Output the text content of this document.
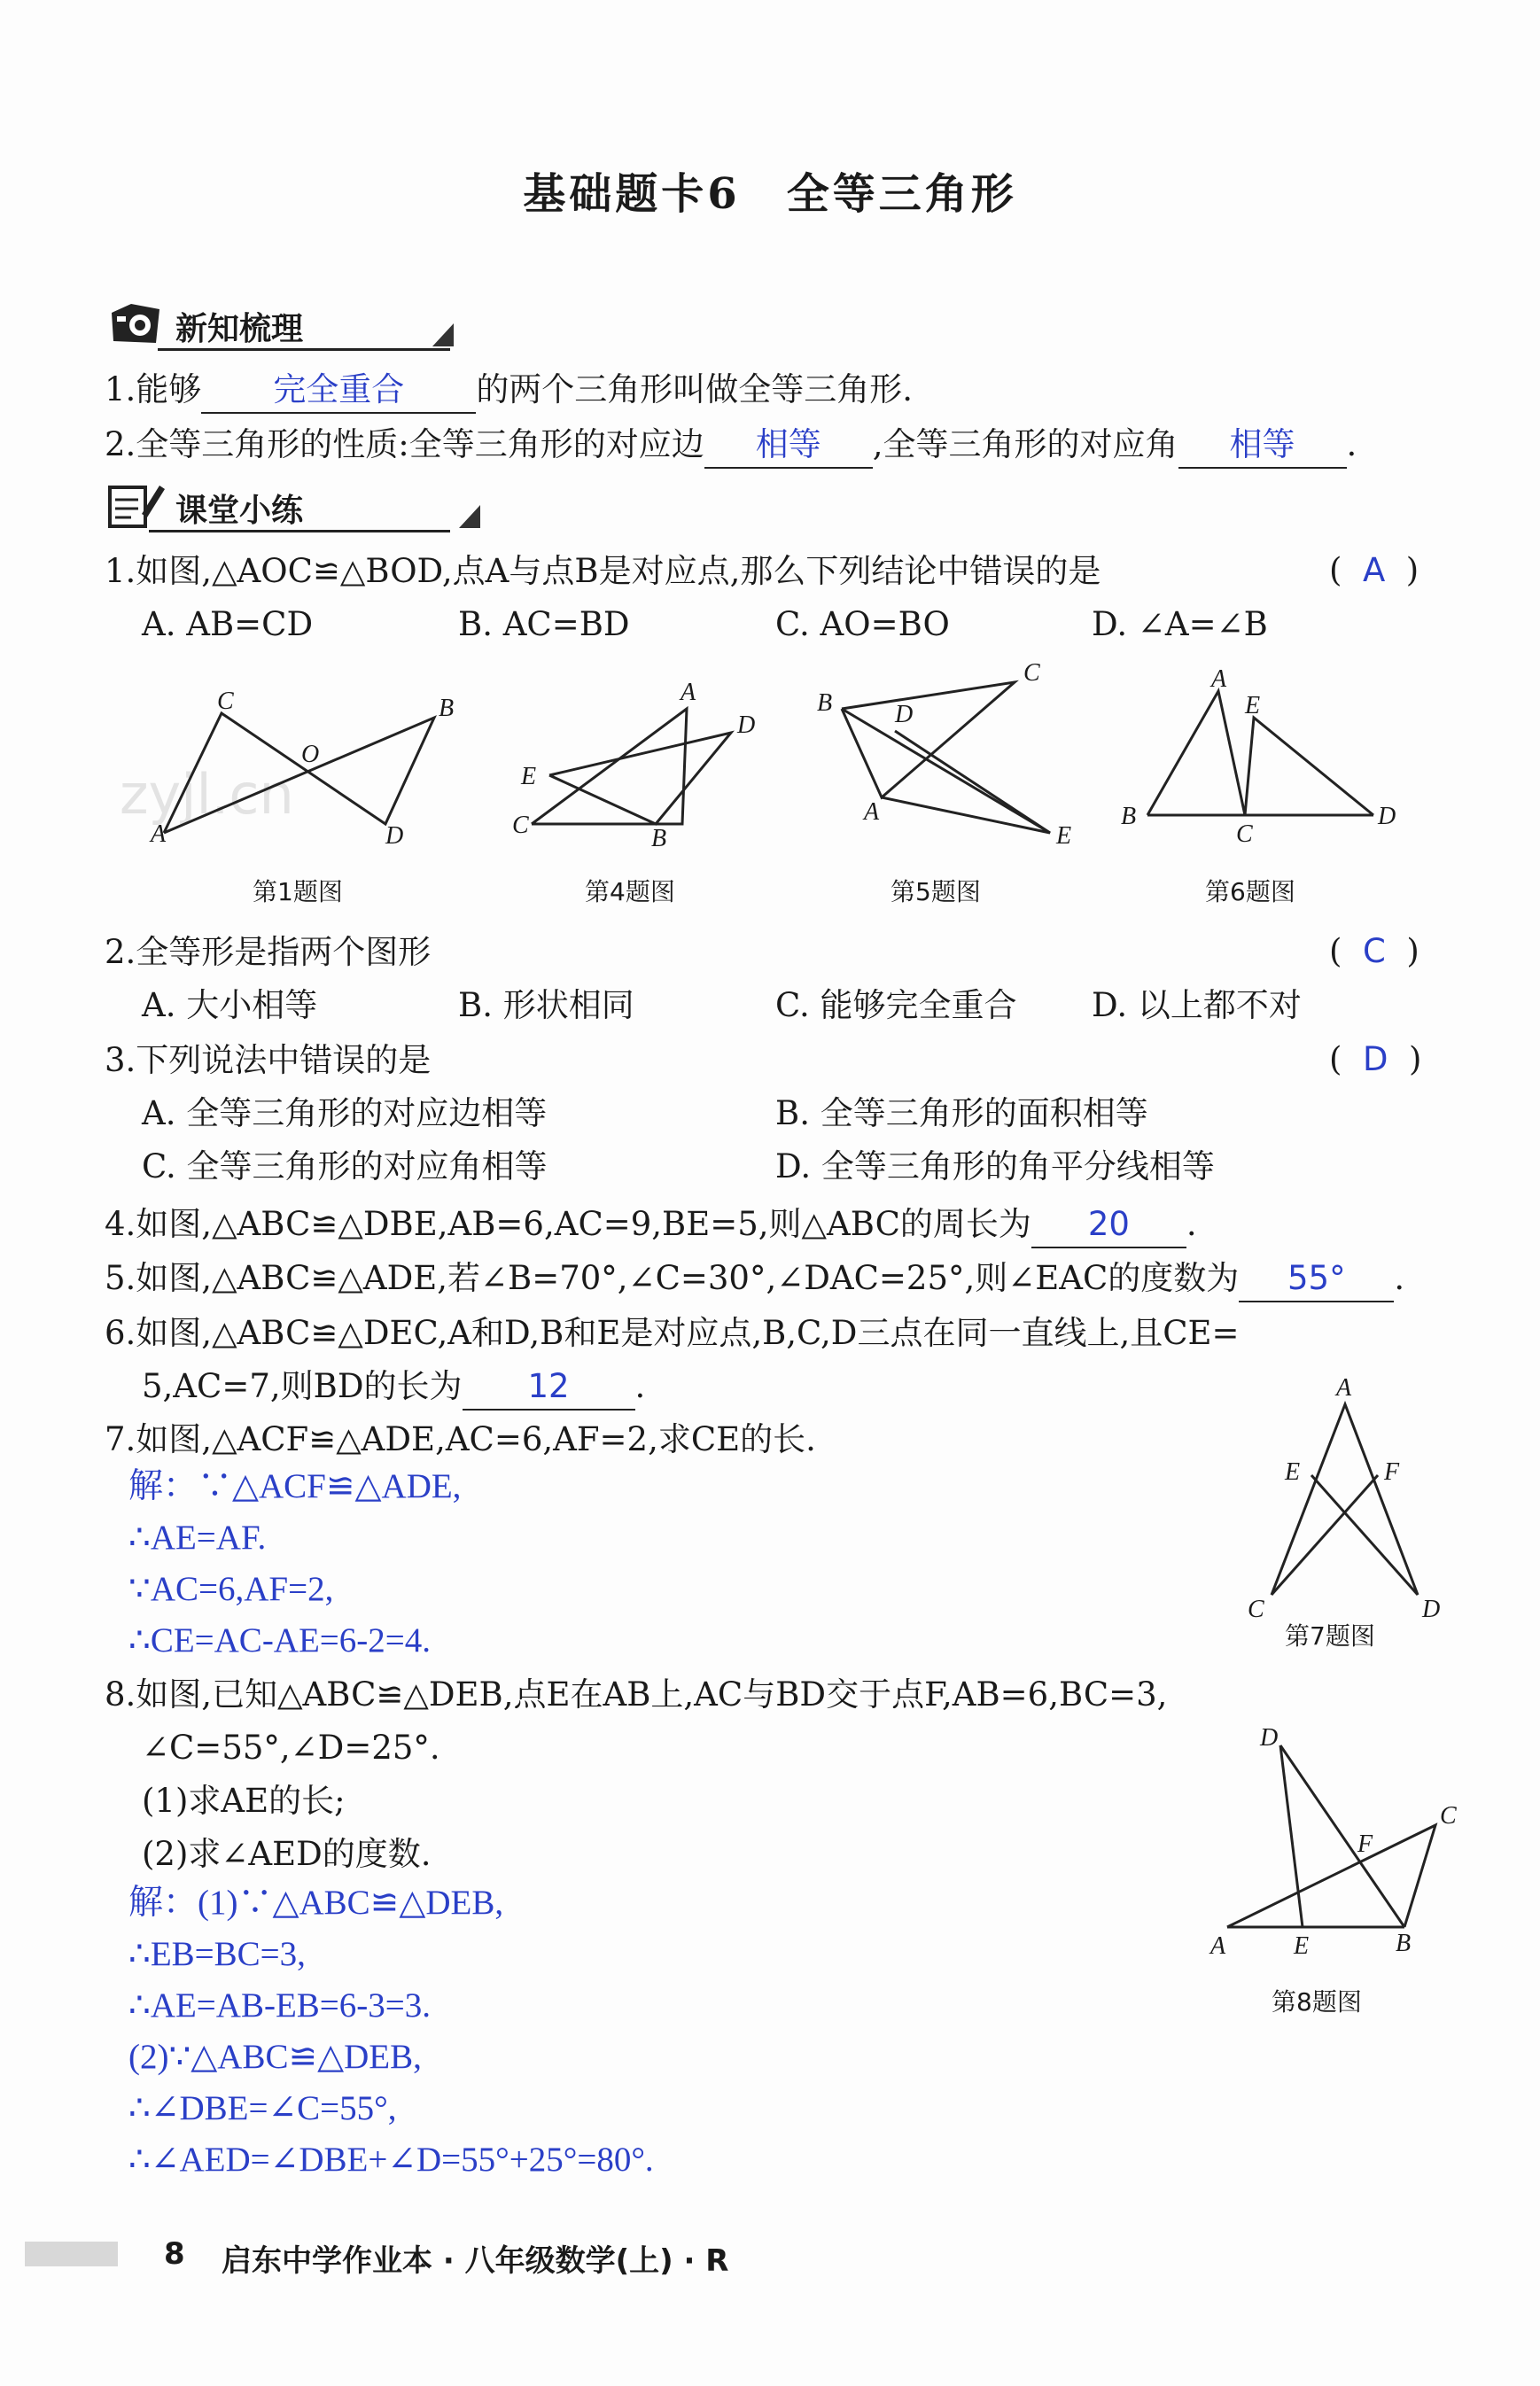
基础题卡6　全等三角形
新知梳理
1.能够 完全重合 的两个三角形叫做全等三角形.
2.全等三角形的性质:全等三角形的对应边 相等 ,全等三角形的对应角 相等 .
课堂小练
1.如图,△AOC≌△BOD,点A与点B是对应点,那么下列结论中错误的是	(  A  )
A. AB=CD	B. AC=BD	C. AO=BO	D. ∠A=∠B
zyjl.cn
C	B
O
A	D
A
D
E
C	B
C
B	D
A
E
A
E
B
C
D
第1题图	第4题图	第5题图	第6题图
2.全等形是指两个图形	(  C  )
A. 大小相等	B. 形状相同	C. 能够完全重合 D. 以上都不对
3.下列说法中错误的是	(  D  )
A. 全等三角形的对应边相等	B. 全等三角形的面积相等
C. 全等三角形的对应角相等	D. 全等三角形的角平分线相等
4.如图,△ABC≌△DBE,AB=6,AC=9,BE=5,则△ABC的周长为 20 .
5.如图,△ABC≌△ADE,若∠B=70°,∠C=30°,∠DAC=25°,则∠EAC的度数为 55° .
6.如图,△ABC≌△DEC,A和D,B和E是对应点,B,C,D三点在同一直线上,且CE=
5,AC=7,则BD的长为 12 .
7.如图,△ACF≌△ADE,AC=6,AF=2,求CE的长.
解：∵△ACF≌△ADE,
∴AE=AF.
∵AC=6,AF=2,
∴CE=AC-AE=6-2=4.
A
E	F
C	D
第7题图
8.如图,已知△ABC≌△DEB,点E在AB上,AC与BD交于点F,AB=6,BC=3,
∠C=55°,∠D=25°.
(1)求AE的长;
(2)求∠AED的度数.
解：(1)∵△ABC≌△DEB,
∴EB=BC=3,
∴AE=AB-EB=6-3=3.
(2)∵△ABC≌△DEB,
∴∠DBE=∠C=55°,
∴∠AED=∠DBE+∠D=55°+25°=80°.
D
C
F
A	E	B
第8题图
8 启东中学作业本 · 八年级数学(上) · R
